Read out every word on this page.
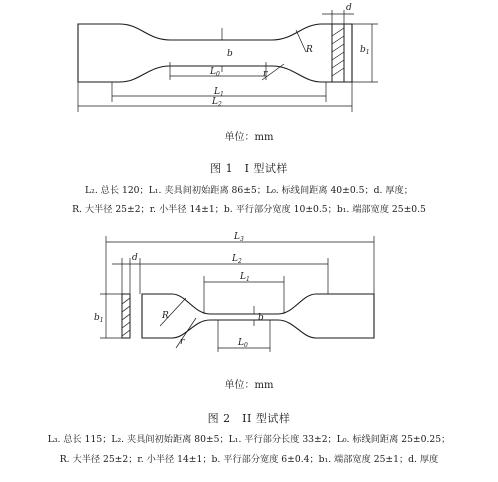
d
$b_1$
b	R
r
$L_0$
$L_1$
$L_2$
单位：mm
图 1　I 型试样
L₂. 总长 120；L₁. 夹具间初始距离 86±5；L₀. 标线间距离 40±0.5；d. 厚度；
R. 大半径 25±2；r. 小半径 14±1；b. 平行部分宽度 10±0.5；b₁. 端部宽度 25±0.5
$L_3$
d	$L_2$
$b_1$
$L_1$
b
R
r	$L_0$
单位：mm
图 2　II 型试样
L₃. 总长 115；L₂. 夹具间初始距离 80±5；L₁. 平行部分长度 33±2；L₀. 标线间距离 25±0.25；
R. 大半径 25±2；r. 小半径 14±1；b. 平行部分宽度 6±0.4；b₁. 端部宽度 25±1；d. 厚度
